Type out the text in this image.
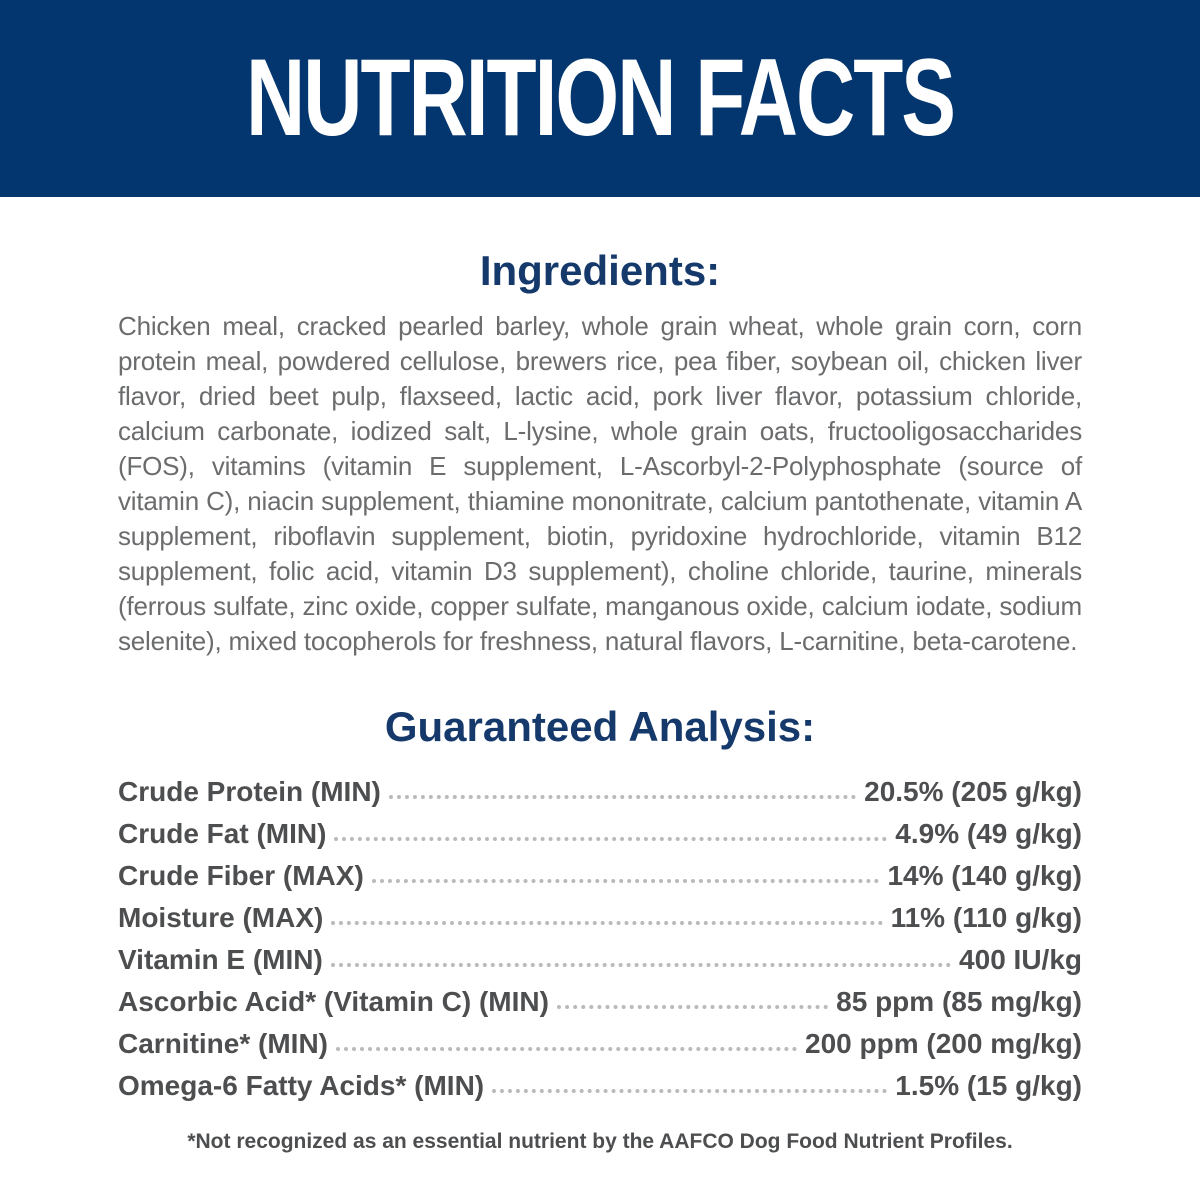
NUTRITION FACTS
Ingredients:
Chicken meal, cracked pearled barley, whole grain wheat, whole grain corn, corn protein meal, powdered cellulose, brewers rice, pea fiber, soybean oil, chicken liver flavor, dried beet pulp, flaxseed, lactic acid, pork liver flavor, potassium chloride, calcium carbonate, iodized salt, L-lysine, whole grain oats, fructooligosaccharides (FOS), vitamins (vitamin E supplement, L-Ascorbyl-2-Polyphosphate (source of vitamin C), niacin supplement, thiamine mononitrate, calcium pantothenate, vitamin A supplement, riboflavin supplement, biotin, pyridoxine hydrochloride, vitamin B12 supplement, folic acid, vitamin D3 supplement), choline chloride, taurine, minerals (ferrous sulfate, zinc oxide, copper sulfate, manganous oxide, calcium iodate, sodium selenite), mixed tocopherols for freshness, natural flavors, L-carnitine, beta-carotene.
Guaranteed Analysis:
Crude Protein (MIN)	20.5% (205 g/kg)
Crude Fat (MIN)	4.9% (49 g/kg)
Crude Fiber (MAX)	14% (140 g/kg)
Moisture (MAX)	11% (110 g/kg)
Vitamin E (MIN)	400 IU/kg
Ascorbic Acid* (Vitamin C) (MIN)	85 ppm (85 mg/kg)
Carnitine* (MIN)	200 ppm (200 mg/kg)
Omega-6 Fatty Acids* (MIN)	1.5% (15 g/kg)
*Not recognized as an essential nutrient by the AAFCO Dog Food Nutrient Profiles.
